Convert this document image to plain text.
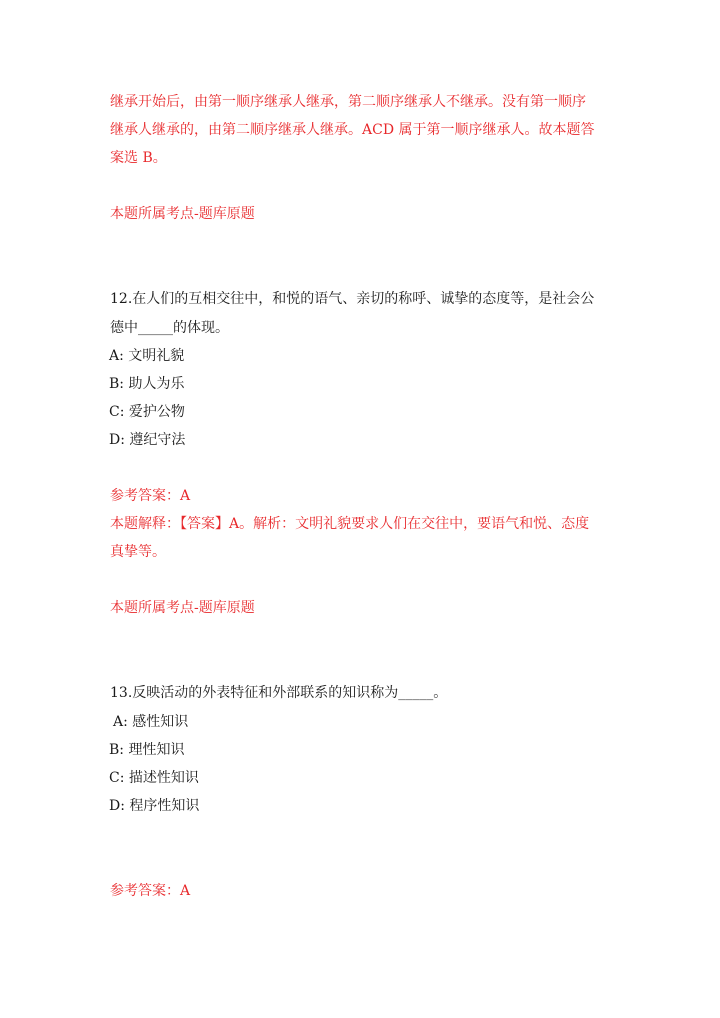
继承开始后，由第一顺序继承人继承，第二顺序继承人不继承。没有第一顺序
继承人继承的，由第二顺序继承人继承。ACD 属于第一顺序继承人。故本题答
案选 B。
本题所属考点-题库原题
12.在人们的互相交往中，和悦的语气、亲切的称呼、诚挚的态度等，是社会公
德中_____的体现。
A: 文明礼貌
B: 助人为乐
C: 爱护公物
D: 遵纪守法
参考答案：A
本题解释：【答案】A。解析：文明礼貌要求人们在交往中，要语气和悦、态度
真挚等。
本题所属考点-题库原题
13.反映活动的外表特征和外部联系的知识称为_____。
A: 感性知识
B: 理性知识
C: 描述性知识
D: 程序性知识
参考答案：A
